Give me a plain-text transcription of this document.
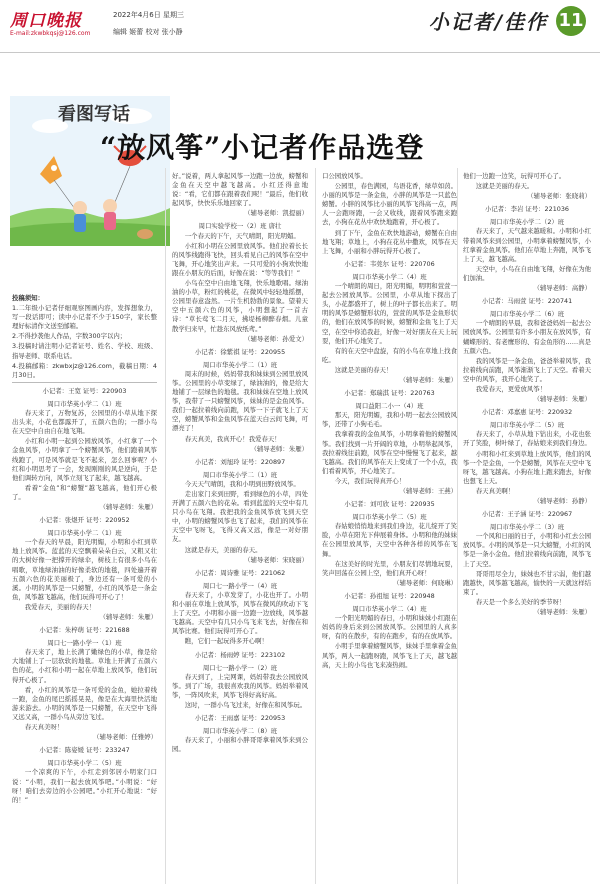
周口晚报
E-mail:zkwbkqsj@126.com
2022年4月6日 星期三
编辑 姬蕾 校对 张小静	小记者/佳作 11
看图写话
“放风筝”小记者作品选登

投稿须知：

1.二年级小记者仔细观察图画内容，发挥想象力，写一段话即可；读中小记者不少于150字，家长整理好标清作文送至邮箱。

2.不得抄袭他人作品，字数300字以内；

3.投稿时请注明小记者证号、姓名、学校、班级、指导老师、联系电话。

4.投稿邮箱：zkwbxjz@126.com，截稿日期：4月30日。

小记者：王宽 证号：220903

周口市华英小学二（1）班

春天来了，万物复苏，公园里的小草从地下探出头来，小花也都露开了，五颜六色的；一群小鸟在天空中自由自在地飞翔。

小红和小明一起到公园放风筝，小红拿了一个金鱼风筝，小明拿了一个螃蟹风筝，他们跑着风筝线跑了，可是风筝就是飞不起来，怎么回事呢？小红和小明思考了一会，发现刚刚的风是逆向，于是他们调转方向，风筝立刻飞了起来，越飞越高。

看着“金鱼”和“螃蟹”越飞越高，他们开心极了。

（辅导老师：朱雁）

小记者：张煜开 证号：220952

周口市华英小学二（1）班

一个春天的早晨，阳光明媚，小明和小红到草地上放风筝。蓝蓝的天空飘着朵朵白云，又粗又壮的大树好像一把撑开的绿伞，树枝上有很多小鸟在唱歌，草地绿油油的好像柔软的地毯，四处遍开着五颜六色的花美丽极了，身边还有一条可爱的小溪。小明的风筝是一只螃蟹，小红的风筝是一条金鱼，风筝越飞越高，他们玩得可开心了！

我爱春天，美丽的春天！

（辅导老师：朱雁）

小记者：朱梓萌 证号：221688

周口七一路小学一（1）班

春天来了，地上长满了嫩绿色的小草，像是给大地铺上了一层软软的地毯。草地上开满了五颜六色的花，小红和小明一起在草地上放风筝，他们玩得开心极了。

看，小红的风筝是一条可爱的金鱼，她拉着线一跑，金鱼的尾巴摇摇晃晃，像是在大海里快活地游来游去。小明的风筝是一只螃蟹，在天空中飞得又远又高，一群小鸟从旁边飞过。

春天真美呀！

（辅导老师：任雅婷）

小记者：陈姿媛 证号：233247

周口市华英小学二（5）班

一个凉爽的下午，小红走到邻居小明家门口说：“小明，我们一起去放风筝吧。”小明说：“好呀！咱们去旁边的小公园吧。”小红开心地说：“好的！”

好。”说着，两人拿起风筝一边跑一边放，螃蟹和金鱼在天空中越飞越高。小红还得意地说：“看，它们都在跟着我们呢！”最后，他们收起风筝，快快乐乐地回家了。

（辅导老师：凯提丽）

周口实验学校一（2）班 唐壮

一个春天的下午，天气晴朗，阳光明媚。

小红和小明在公园里放风筝。他们拉着长长的风筝线跑得飞快，回头看见自己的风筝在空中飞舞，开心地笑出声来。一只可爱的小狗欢快地跟在小朋友的后面，好像在说：“等等我们！”

小鸟在空中自由地飞翔，快乐地歌唱。绿油油的小草，粉红的桃花，在微风中轻轻地摇摆，公园里春意盎然。一片生机勃勃的景象。望着天空中五颜六色的风筝，小明想起了一首古诗：“草长莺飞二月天，拂堤杨柳醉春烟。儿童散学归来早，忙趁东风放纸鸢。”

（辅导老师：孙爱文）

小记者：徐紫祺 证号：220955

周口市华英小学二（1）班

周末的时候，妈妈带我和妹妹到公园里放风筝。公园里的小草变绿了，绿油油的，像是给大地铺了一层绿色的地毯。我和妹妹在空地上放风筝，我带了一只螃蟹风筝，妹妹的是金鱼风筝。我们一起拉着线向前跑，风筝一下子就飞上了天空，螃蟹风筝和金鱼风筝在蓝天白云间飞舞，可漂亮了！

春天真美，我真开心！我爱春天！

（辅导老师：朱雁）

小记者：刘旭玲 证号：220897

周口市华英小学二（1）班

今天天气晴朗，我和小明到田野放风筝。

走出家门来到田野，看到绿色的小草，四处开满了五颜六色的花朵。看到蓝蓝的天空中有几只小鸟在飞翔。我把我的金鱼风筝放飞到天空中，小明的螃蟹风筝也飞了起来，我们的风筝在天空中飞呀飞，飞得又高又远，像是一对好朋友。

这就是春天，美丽的春天。

（辅导老师：宋晓丽）

小记者：周诗雅 证号：221062

周口七一路小学一（4）班

春天来了，小草发芽了，小花也开了。小明和小丽在草地上放风筝，风筝在微风的吹动下飞上了天空。小明和小丽一边跑一边放线，风筝越飞越高。天空中有几只小鸟飞来飞去，好像在和风筝比赛。他们玩得可开心了。

瞧，它们一起玩得多开心啊！

小记者：杨雨婷 证号：223102

周口七一路小学一（2）班

春天到了，上完网课，妈妈带我去公园放风筝。到了广场，我很喜欢我的风筝。妈妈举着风筝，一阵风吹来，风筝飞得好高好高。

这时，一群小鸟飞过来，好像在和风筝玩。

小记者：王雨嘉 证号：220953

周口市华英小学二（8）班

春天来了，小丽和小胖哥哥拿着风筝来到公园。

口公园放风筝。

公园里，春色满园，鸟语花香，绿草如茵。小丽的风筝是一条金鱼，小胖的风筝是一只蓝色螃蟹。小胖的风筝比小丽的风筝飞得高一点，两人一会跑呀跑，一会又收线，跟着风筝跑来跑去，小狗在花丛中欢快地跑着，开心极了。

到了下午，金鱼在欢快地游动，螃蟹在自由地飞翔；草地上，小狗在花丛中撒欢，风筝在天上飞舞，小丽和小胖玩得开心极了。

小记者：韦莞尔 证号：220706

周口市华英小学二（4）班

一个晴朗的周日，阳光明媚，明明和萱萱一起去公园放风筝。公园里，小草从地下探出了头，小花都盛开了，树上的叶子都长出来了。明明的风筝是螃蟹形状的，萱萱的风筝是金鱼形状的，他们在放风筝的时候，螃蟹和金鱼飞上了天空，在空中你追我赶，好像一对好朋友在天上玩耍，他们开心地笑了。

有的在天空中盘旋，有的小鸟在草地上找食吃。

这就是美丽的春天！

（辅导老师：朱雁）

小记者：郑瑞淇 证号：220763

周口益阳二小一（4）班

那天，阳光明媚，我和小明一起去公园放风筝，还带了小狗毛毛。

我拿着我的金鱼风筝，小明拿着他的螃蟹风筝。我们找到一片开阔的草地，小明举起风筝，我拉着线往前跑，风筝在空中慢慢飞了起来，越飞越高。我们的风筝在天上变成了一个小点，我们看着风筝，开心地笑了。

今天，我们玩得真开心！

（辅导老师：王燕）

小记者：刘可欣 证号：220935

周口市华英小学二（5）班

春姑娘悄悄地来到我们身边，花儿绽开了笑脸，小草在阳光下伸展着身体。小明和他的妹妹在公园里放风筝，天空中各种各样的风筝在飞舞。

在这美好的时光里，小朋友们尽情地玩耍，笑声回荡在公园上空，他们真开心呀！

（辅导老师：何晓琳）

小记者：孙祖旭 证号：220948

周口市华英小学二（4）班

一个阳光明媚的春日，小明和妹妹小红跟在妈妈的身后来到公园放风筝。公园里的人真多呀，有的在散步，有的在跑步，有的在放风筝。

小明手里拿着螃蟹风筝，妹妹手里拿着金鱼风筝，两人一起跑呀跑，风筝飞上了天，越飞越高，天上的小鸟也飞来凑热闹。

他们一边跑一边笑，玩得可开心了。

这就是美丽的春天。

（辅导老师：张晓莉）

小记者：李岩 证号：221036

周口市华英小学二（2）班

春天来了，天气越来越暖和。小明和小红带着风筝来到公园里，小明拿着螃蟹风筝，小红拿着金鱼风筝。他们在草地上奔跑，风筝飞上了天，越飞越高。

天空中，小鸟在自由地飞翔，好像在为他们加油。

（辅导老师：高静）

小记者：马雨萱 证号：220741

周口市华英小学二（6）班

一个晴朗的早晨，我和爸爸妈妈一起去公园放风筝。公园里有许多小朋友在放风筝，有蝴蝶形的、有老鹰形的、有金鱼形的……真是五颜六色。

我的风筝是一条金鱼，爸爸举着风筝，我拉着线向前跑，风筝渐渐飞上了天空。看着天空中的风筝，我开心地笑了。

我爱春天，更爱放风筝！

（辅导老师：朱雁）

小记者：邓嘉惠 证号：220932

周口市华英小学二（5）班

春天来了，小草从地下钻出来，小花也张开了笑脸，树叶绿了，春姑娘来到我们身边。

小明和小红来到草地上放风筝，他们的风筝一个是金鱼，一个是螃蟹，风筝在天空中飞呀飞，越飞越高。小狗在地上跑来跑去，好像也想飞上天。

春天真美啊！

（辅导老师：孙静）

小记者：王子涵 证号：220967

周口市华英小学二（3）班

一个风和日丽的日子，小明和小红去公园放风筝。小明的风筝是一只大螃蟹，小红的风筝是一条小金鱼。他们拉着线向前跑，风筝飞上了天空。

哥哥用尽全力，妹妹也不甘示弱，他们越跑越快，风筝越飞越高，愉快的一天就这样结束了。

春天是一个多么美好的季节呀！

（辅导老师：朱雁）
